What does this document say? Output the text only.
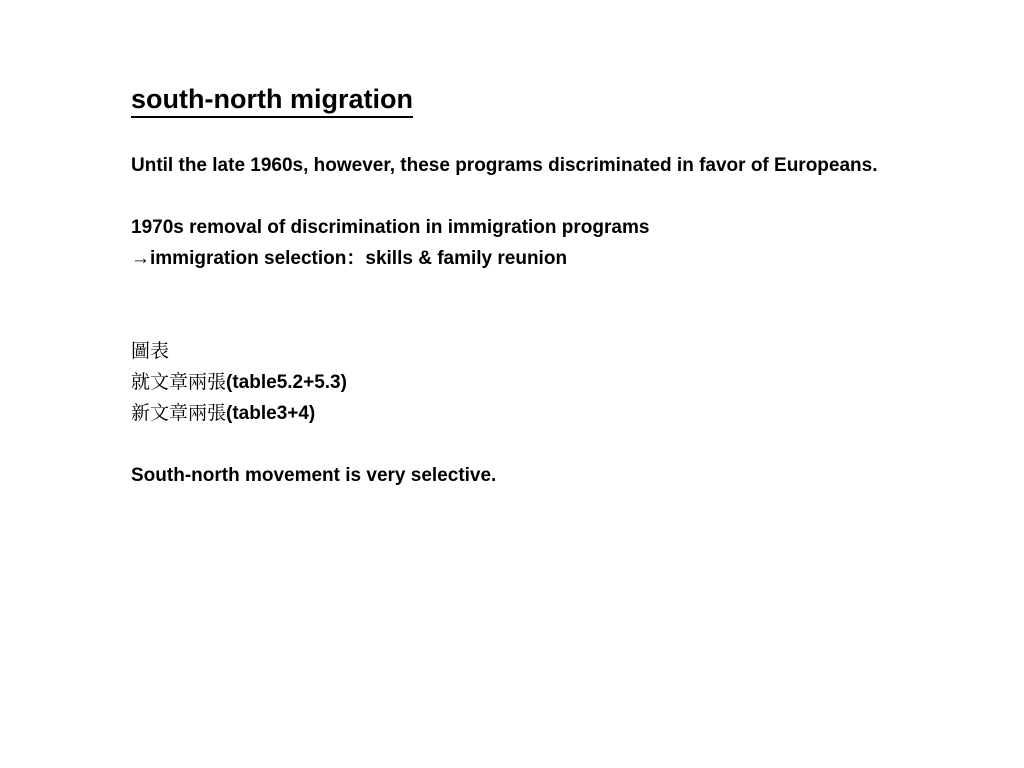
south-north migration

Until the late 1960s, however, these programs discriminated in favor of Europeans.

1970s removal of discrimination in immigration programs

→immigration selection：skills & family reunion

圖表

就文章兩張(table5.2+5.3)

新文章兩張(table3+4)

South-north movement is very selective.
